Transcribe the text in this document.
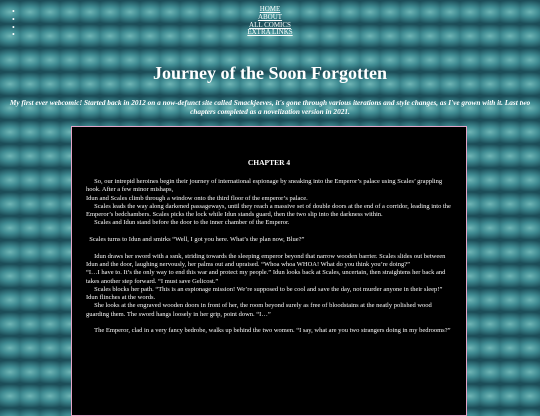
•
•
•
•
HOME
ABOUT
ALL COMICS
EXTRA LINKS
Journey of the Soon Forgotten

My first ever webcomic! Started back in 2012 on a now-defunct site called Smackjeeves, it's gone through various iterations and style changes, as I've grown with it. Last two chapters completed as a novelization version in 2021.

CHAPTER 4

So, our intrepid heroines begin their journey of international espionage by sneaking into the Emperor’s palace using Scales’ grappling hook. After a few minor mishaps,

Idun and Scales climb through a window onto the third floor of the emperor’s palace.

Scales leads the way along darkened passageways, until they reach a massive set of double doors at the end of a corridor, leading into the Emperor’s bedchambers. Scales picks the lock while Idun stands guard, then the two slip into the darkness within.

Scales and Idun stand before the door to the inner chamber of the Emperor.

Scales turns to Idun and smirks “Well, I got you here. What’s the plan now, Blue?”

Idun draws her sword with a ssnk, striding towards the sleeping emperor beyond that narrow wooden barrier. Scales slides out between Idun and the door, laughing nervously, her palms out and upraised. “Whoa whoa WHOA! What do you think you’re doing?”

“I…I have to. It’s the only way to end this war and protect my people.” Idun looks back at Scales, uncertain, then straightens her back and takes another step forward. “I must save Gelicost.”

Scales blocks her path. “This is an espionage mission! We’re supposed to be cool and save the day, not murder anyone in their sleep!” Idun flinches at the words.

She looks at the engraved wooden doors in front of her, the room beyond surely as free of bloodstains at the neatly polished wood guarding them. The sword hangs loosely in her grip, point down. “I…”

The Emperor, clad in a very fancy bedrobe, walks up behind the two women. “I say, what are you two strangers doing in my bedrooms?”
